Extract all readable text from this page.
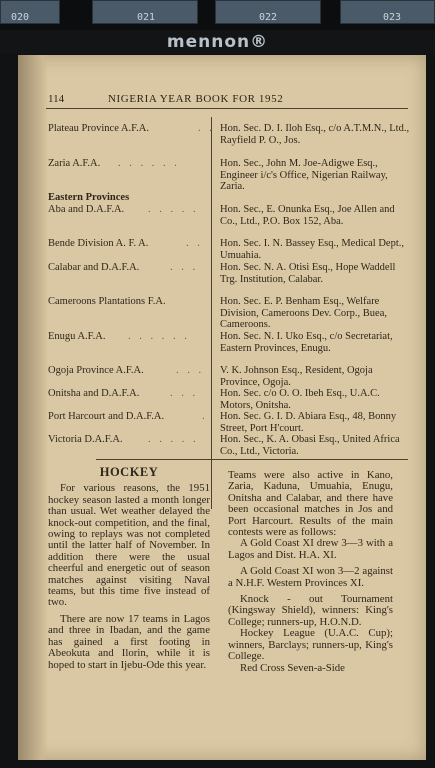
020	021	022	023
mennon®
114	NIGERIA YEAR BOOK FOR 1952
Plateau Province A.F.A.	. . Hon. Sec. D. I. Iloh Esq., c/o A.T.M.N., Ltd., Rayfield P. O., Jos.
Zaria A.F.A.	. . . . . .	Hon. Sec., John M. Joe-Adigwe Esq., Engineer i/c's Office, Nigerian Railway, Zaria.
Eastern Provinces
Aba and D.A.F.A.	. . . . . Hon. Sec., E. Onunka Esq., Joe Allen and Co., Ltd., P.O. Box 152, Aba.
Bende Division A. F. A.	. . Hon. Sec. I. N. Bassey Esq., Medical Dept., Umuahia.
Calabar and D.A.F.A.	. . . Hon. Sec. N. A. Otisi Esq., Hope Waddell Trg. Institution, Calabar.
Cameroons Plantations F.A.	Hon. Sec. E. P. Benham Esq., Welfare Division, Cameroons Dev. Corp., Buea, Cameroons.
Enugu A.F.A.	. . . . . .	Hon. Sec. N. I. Uko Esq., c/o Secretariat, Eastern Provinces, Enugu.
Ogoja Province A.F.A.	. . . V. K. Johnson Esq., Resident, Ogoja Province, Ogoja.
Onitsha and D.A.F.A.	. . . Hon. Sec. c/o O. O. Ibeh Esq., U.A.C. Motors, Onitsha.
Port Harcourt and D.A.F.A.	. Hon. Sec. G. I. D. Abiara Esq., 48, Bonny Street, Port H'court.
Victoria D.A.F.A.	. . . . . Hon. Sec., K. A. Obasi Esq., United Africa Co., Ltd., Victoria.

HOCKEY

For various reasons, the 1951 hockey season lasted a month longer than usual. Wet weather delayed the knock-out competition, and the final, owing to replays was not completed until the latter half of November. In addition there were the usual cheerful and energetic out of season matches against visiting Naval teams, but this time five instead of two.

There are now 17 teams in Lagos and three in Ibadan, and the game has gained a first footing in Abeokuta and Ilorin, while it is hoped to start in Ijebu-Ode this year.

Teams were also active in Kano, Zaria, Kaduna, Umuahia, Enugu, Onitsha and Calabar, and there have been occasional matches in Jos and Port Harcourt. Results of the main contests were as follows:

A Gold Coast XI drew 3—3 with a Lagos and Dist. H.A. XI.

A Gold Coast XI won 3—2 against a N.H.F. Western Provinces XI.

Knock - out Tournament (Kingsway Shield), winners: King's College; runners-up, H.O.N.D.

Hockey League (U.A.C. Cup); winners, Barclays; runners-up, King's College.

Red Cross Seven-a-Side
